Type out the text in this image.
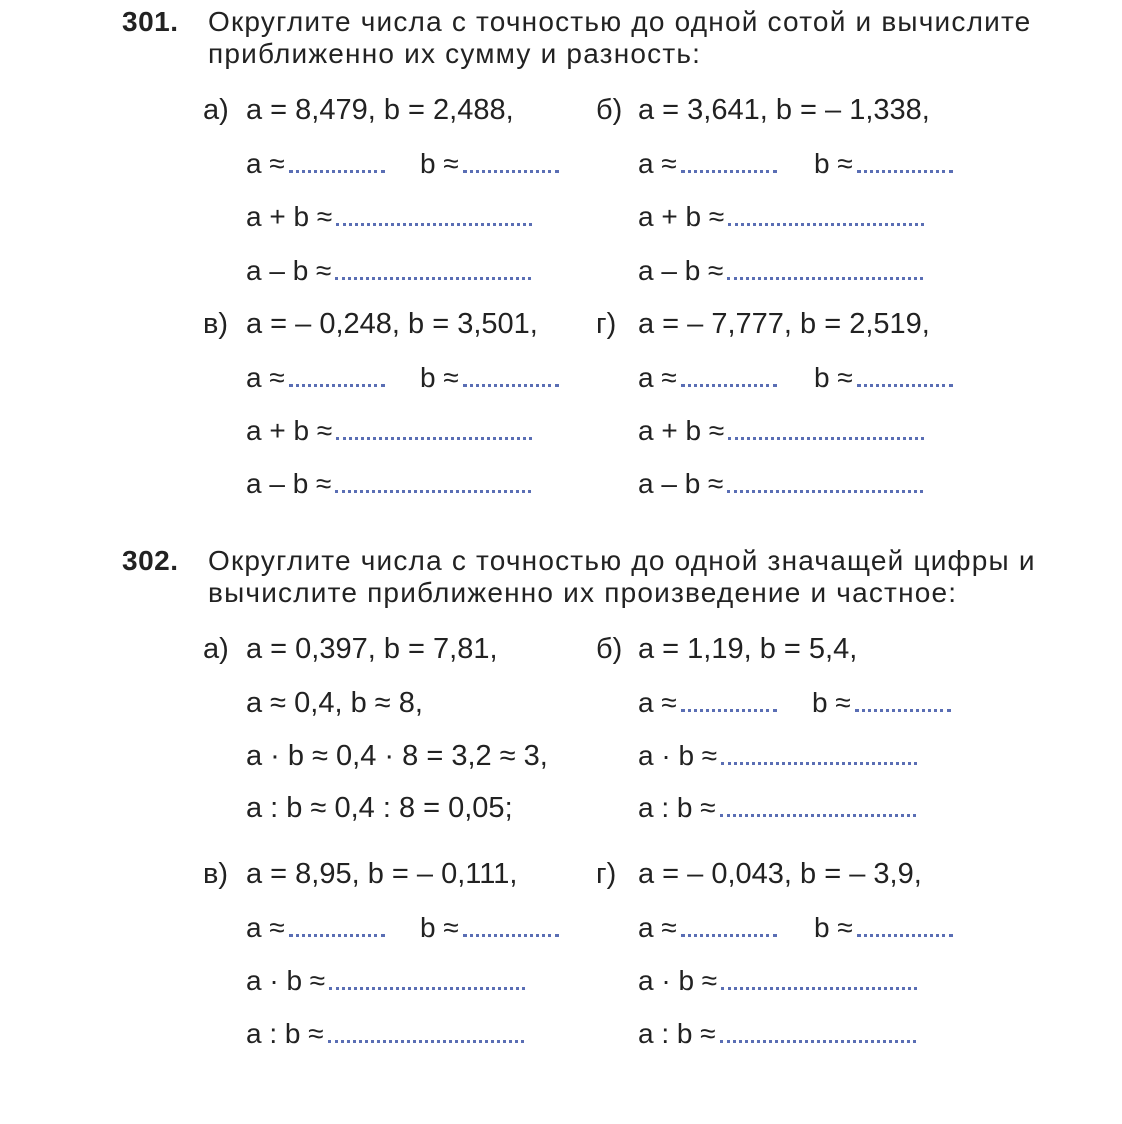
301. Округлите числа с точностью до одной сотой и вычислите
приближенно их сумму и разность:
а) a = 8,479, b = 2,488,
a ≈	b ≈
a + b ≈
a – b ≈
б) a = 3,641, b = – 1,338,
a ≈	b ≈
a + b ≈
a – b ≈
в) a = – 0,248, b = 3,501,
a ≈	b ≈
a + b ≈
a – b ≈
г) a = – 7,777, b = 2,519,
a ≈	b ≈
a + b ≈
a – b ≈
302. Округлите числа с точностью до одной значащей цифры и
вычислите приближенно их произведение и частное:
а) a = 0,397, b = 7,81,
a ≈ 0,4, b ≈ 8,
a · b ≈ 0,4 · 8 = 3,2 ≈ 3,
a : b ≈ 0,4 : 8 = 0,05;
б) a = 1,19, b = 5,4,
a ≈	b ≈
a · b ≈
a : b ≈
в) a = 8,95, b = – 0,111,
a ≈	b ≈
a · b ≈
a : b ≈
г) a = – 0,043, b = – 3,9,
a ≈	b ≈
a · b ≈
a : b ≈
